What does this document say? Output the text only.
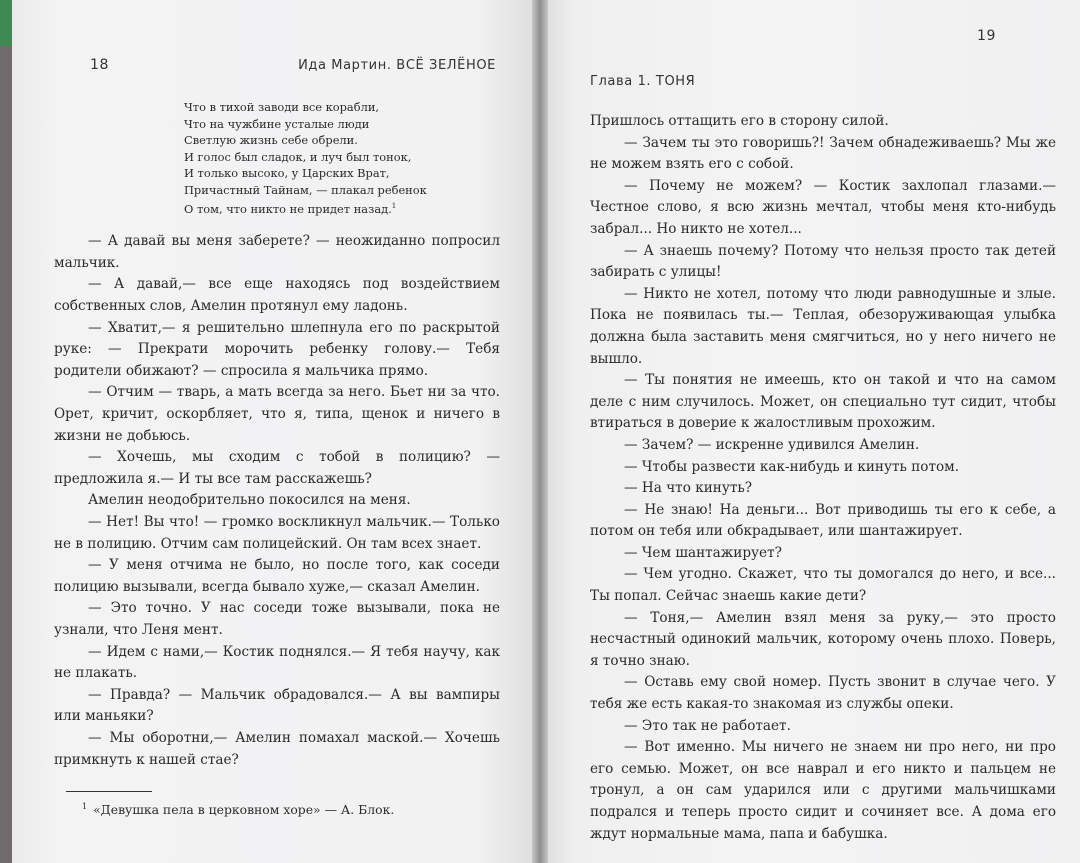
18	Ида Мартин. ВСЁ ЗЕЛЁНОЕ
Что в тихой заводи все корабли,
Что на чужбине усталые люди
Светлую жизнь себе обрели.
И голос был сладок, и луч был тонок,
И только высоко, у Царских Врат,
Причастный Тайнам, — плакал ребенок
О том, что никто не придет назад.$^1$

— А давай вы меня заберете? — неожиданно попросил мальчик.

— А давай,— все еще находясь под воздействием собственных слов, Амелин протянул ему ладонь.

— Хватит,— я решительно шлепнула его по раскрытой руке: — Прекрати морочить ребенку голову.— Тебя родители обижают? — спросила я мальчика прямо.

— Отчим — тварь, а мать всегда за него. Бьет ни за что. Орет, кричит, оскорбляет, что я, типа, щенок и ничего в жизни не добьюсь.

— Хочешь, мы сходим с тобой в полицию? — предложила я.— И ты все там расскажешь?

Амелин неодобрительно покосился на меня.

— Нет! Вы что! — громко воскликнул мальчик.— Только не в полицию. Отчим сам полицейский. Он там всех знает.

— У меня отчима не было, но после того, как соседи полицию вызывали, всегда бывало хуже,— сказал Амелин.

— Это точно. У нас соседи тоже вызывали, пока не узнали, что Леня мент.

— Идем с нами,— Костик поднялся.— Я тебя научу, как не плакать.

— Правда? — Мальчик обрадовался.— А вы вампиры или маньяки?

— Мы оборотни,— Амелин помахал маской.— Хочешь примкнуть к нашей стае?

$^1$ «Девушка пела в церковном хоре» — А. Блок.
19
Глава 1. ТОНЯ

Пришлось оттащить его в сторону силой.

— Зачем ты это говоришь?! Зачем обнадеживаешь? Мы же не можем взять его с собой.

— Почему не можем? — Костик захлопал глазами.— Честное слово, я всю жизнь мечтал, чтобы меня кто-нибудь забрал... Но никто не хотел...

— А знаешь почему? Потому что нельзя просто так детей забирать с улицы!

— Никто не хотел, потому что люди равнодушные и злые. Пока не появилась ты.— Теплая, обезоруживающая улыбка должна была заставить меня смягчиться, но у него ничего не вышло.

— Ты понятия не имеешь, кто он такой и что на самом деле с ним случилось. Может, он специально тут сидит, чтобы втираться в доверие к жалостливым прохожим.

— Зачем? — искренне удивился Амелин.

— Чтобы развести как-нибудь и кинуть потом.

— На что кинуть?

— Не знаю! На деньги... Вот приводишь ты его к себе, а потом он тебя или обкрадывает, или шантажирует.

— Чем шантажирует?

— Чем угодно. Скажет, что ты домогался до него, и все... Ты попал. Сейчас знаешь какие дети?

— Тоня,— Амелин взял меня за руку,— это просто несчастный одинокий мальчик, которому очень плохо. Поверь, я точно знаю.

— Оставь ему свой номер. Пусть звонит в случае чего. У тебя же есть какая-то знакомая из службы опеки.

— Это так не работает.

— Вот именно. Мы ничего не знаем ни про него, ни про его семью. Может, он все наврал и его никто и пальцем не тронул, а он сам ударился или с другими мальчишками подрался и теперь просто сидит и сочиняет все. А дома его ждут нормальные мама, папа и бабушка.
